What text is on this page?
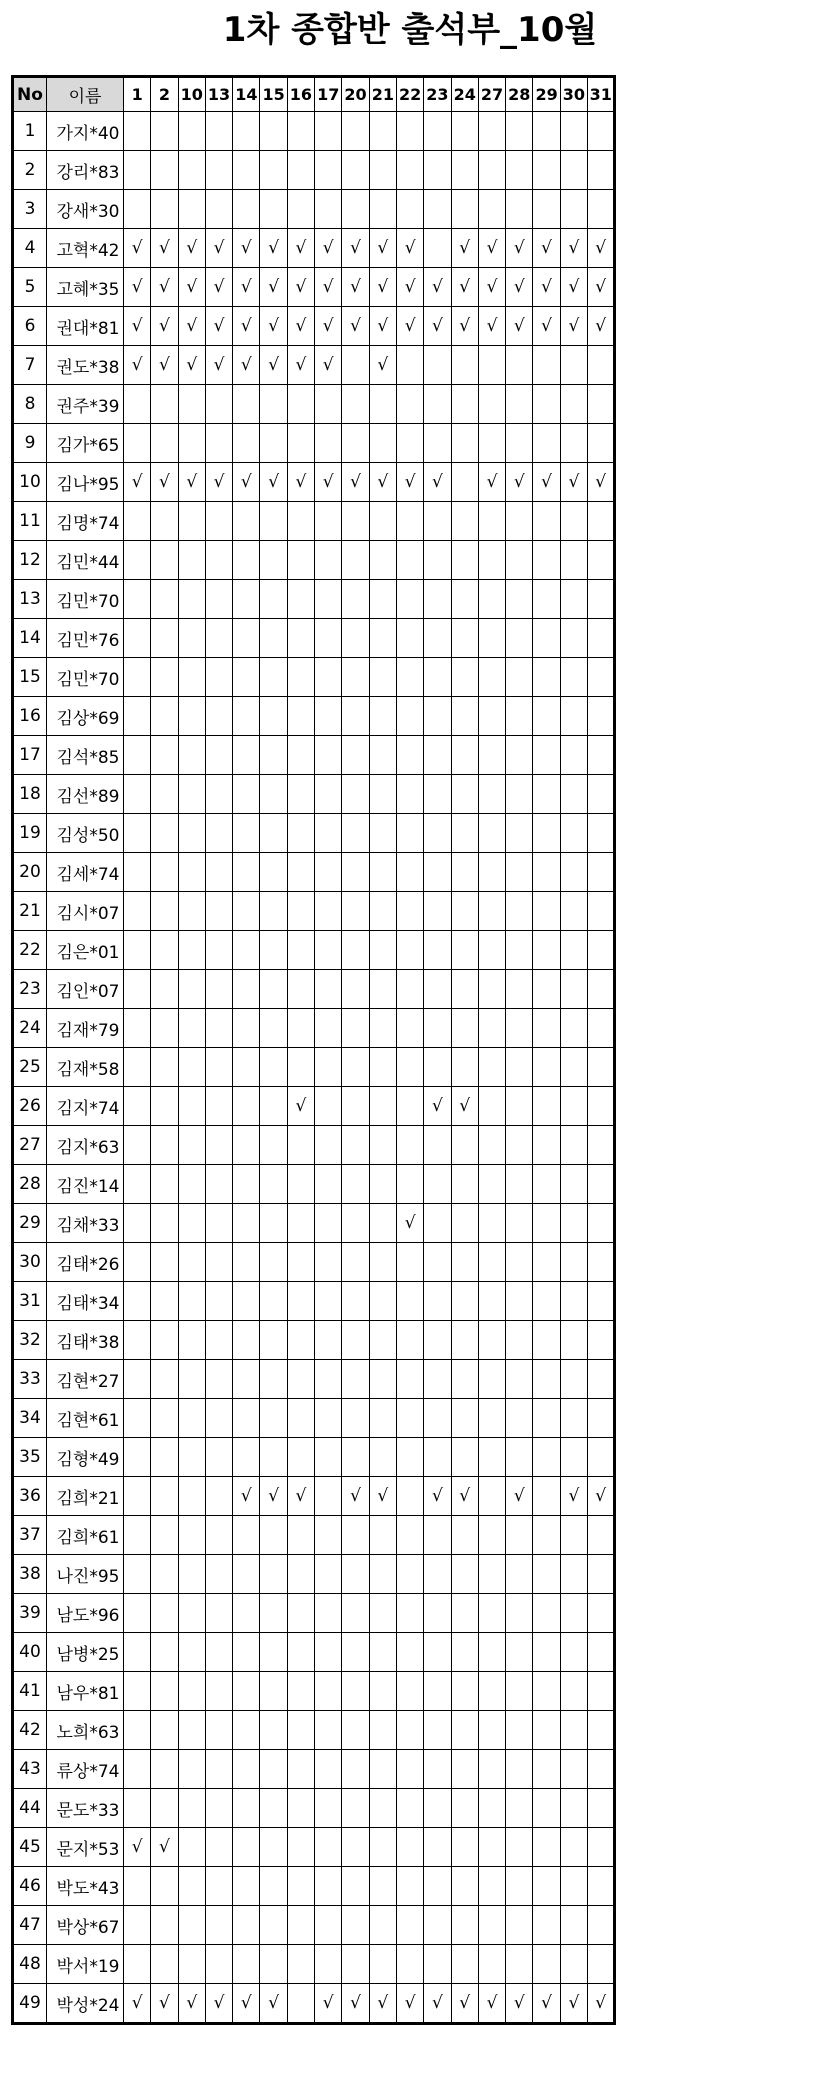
1차 종합반 출석부_10월
No	이름	1	2	10	13	14	15	16	17	20	21	22	23	24	27	28	29	30	31
1	가지*40																		
2	강리*83																		
3	강새*30																		
4	고혁*42	√	√	√	√	√	√	√	√	√	√	√		√	√	√	√	√	√
5	고혜*35	√	√	√	√	√	√	√	√	√	√	√	√	√	√	√	√	√	√
6	권대*81	√	√	√	√	√	√	√	√	√	√	√	√	√	√	√	√	√	√
7	권도*38	√	√	√	√	√	√	√	√		√								
8	권주*39																		
9	김가*65																		
10	김나*95	√	√	√	√	√	√	√	√	√	√	√	√		√	√	√	√	√
11	김명*74																		
12	김민*44																		
13	김민*70																		
14	김민*76																		
15	김민*70																		
16	김상*69																		
17	김석*85																		
18	김선*89																		
19	김성*50																		
20	김세*74																		
21	김시*07																		
22	김은*01																		
23	김인*07																		
24	김재*79																		
25	김재*58																		
26	김지*74							√					√	√					
27	김지*63																		
28	김진*14																		
29	김채*33											√							
30	김태*26																		
31	김태*34																		
32	김태*38																		
33	김현*27																		
34	김현*61																		
35	김형*49																		
36	김희*21					√	√	√		√	√		√	√		√		√	√
37	김희*61																		
38	나진*95																		
39	남도*96																		
40	남병*25																		
41	남우*81																		
42	노희*63																		
43	류상*74																		
44	문도*33																		
45	문지*53	√	√																
46	박도*43																		
47	박상*67																		
48	박서*19																		
49	박성*24	√	√	√	√	√	√		√	√	√	√	√	√	√	√	√	√	√
